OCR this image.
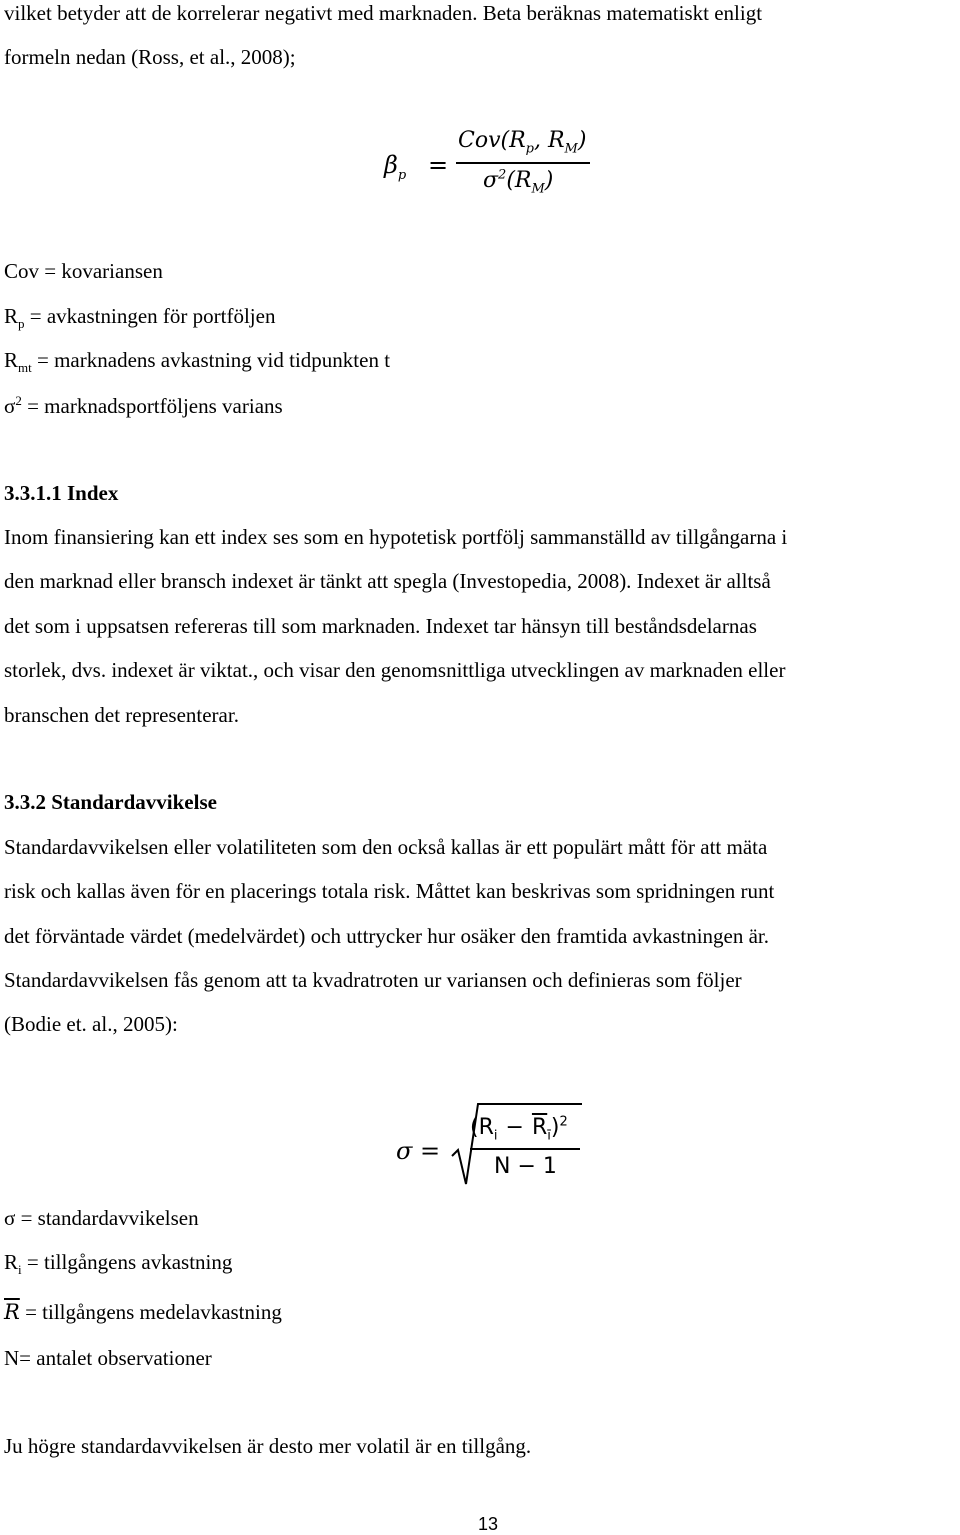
vilket betyder att de korrelerar negativt med marknaden. Beta beräknas matematiskt enligt
formeln nedan (Ross, et al., 2008);
$\beta_p$ =
$Cov(R_p$, $R_M$)
$\sigma^2(R_M)$
Cov = kovariansen
$R_p$ = avkastningen för portföljen
$R_{mt}$ = marknadens avkastning vid tidpunkten t
$\sigma^2$ = marknadsportföljens varians
3.3.1.1 Index
Inom finansiering kan ett index ses som en hypotetisk portfölj sammanställd av tillgångarna i
den marknad eller bransch indexet är tänkt att spegla (Investopedia, 2008). Indexet är alltså
det som i uppsatsen refereras till som marknaden. Indexet tar hänsyn till beståndsdelarnas
storlek, dvs. indexet är viktat., och visar den genomsnittliga utvecklingen av marknaden eller
branschen det representerar.
3.3.2 Standardavvikelse
Standardavvikelsen eller volatiliteten som den också kallas är ett populärt mått för att mäta
risk och kallas även för en placerings totala risk. Måttet kan beskrivas som spridningen runt
det förväntade värdet (medelvärdet) och uttrycker hur osäker den framtida avkastningen är.
Standardavvikelsen fås genom att ta kvadratroten ur variansen och definieras som följer
(Bodie et. al., 2005):
σ =
$(R_i - \overline{R}_ī)^2$
N − 1
σ = standardavvikelsen
$R_i$ = tillgångens avkastning
$\overline{R}$ = tillgångens medelavkastning
N= antalet observationer
Ju högre standardavvikelsen är desto mer volatil är en tillgång.
13
